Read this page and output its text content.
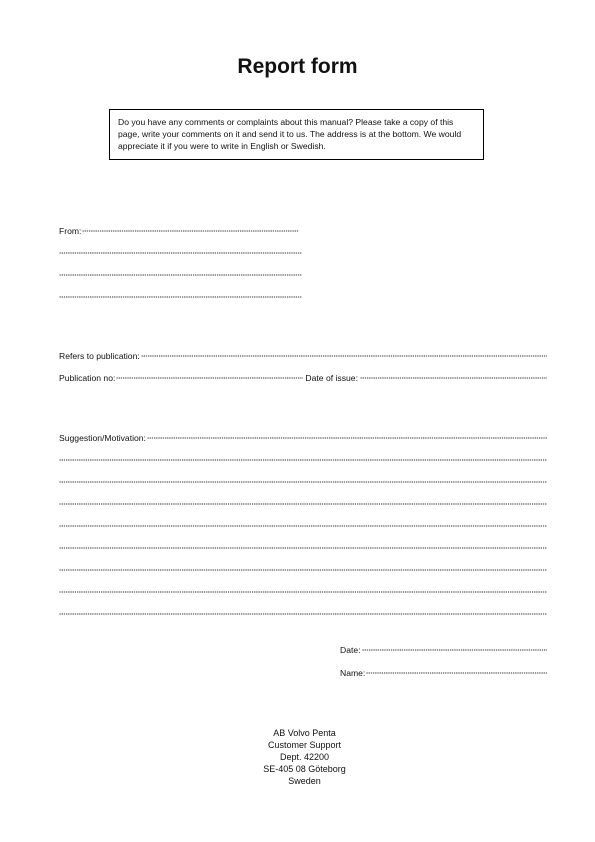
Report form

Do you have any comments or complaints about this manual? Please take a copy of this page, write your comments on it and send it to us. The address is at the bottom. We would appreciate it if you were to write in English or Swedish.

From:
Refers to publication:
Publication no:	Date of issue:
Suggestion/Motivation:
Date:
Name:
AB Volvo Penta
Customer Support
Dept. 42200
SE-405 08 Göteborg
Sweden
